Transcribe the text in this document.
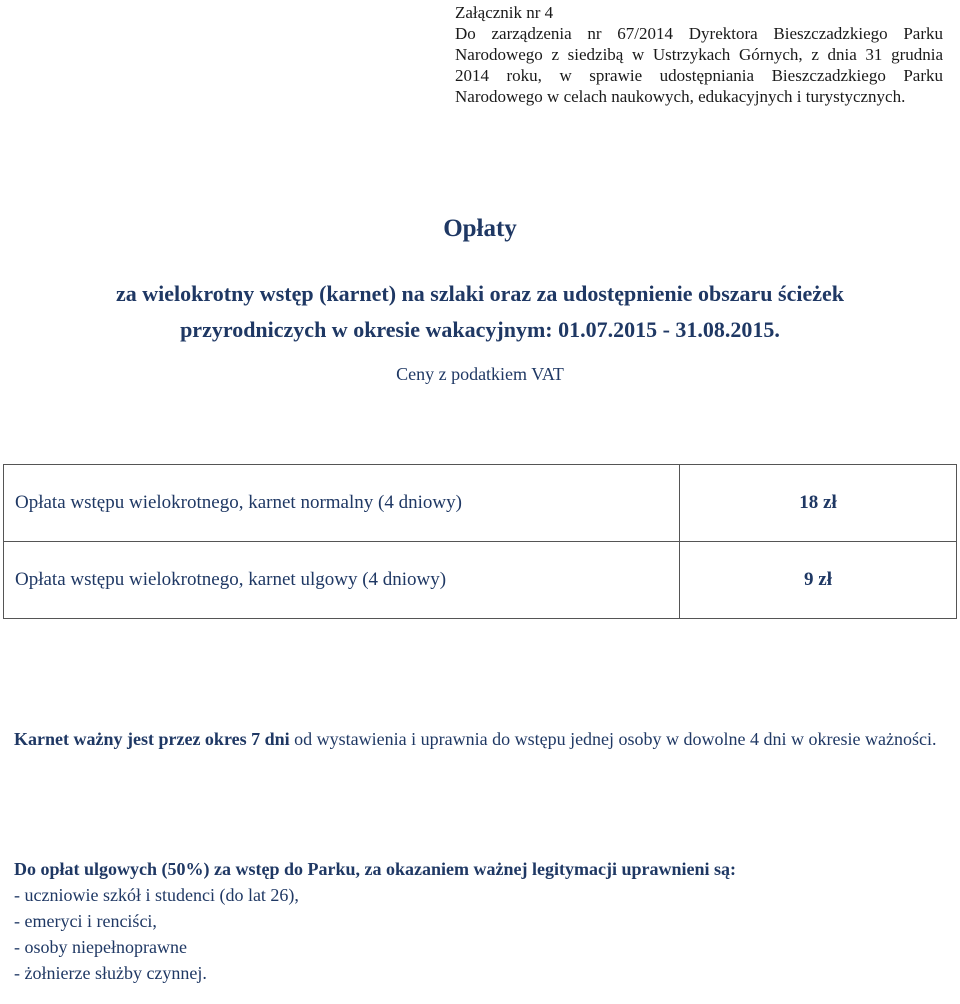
Załącznik nr 4
Do zarządzenia nr 67/2014 Dyrektora Bieszczadzkiego Parku
Narodowego z siedzibą w Ustrzykach Górnych, z dnia 31 grudnia
2014 roku, w sprawie udostępniania Bieszczadzkiego Parku
Narodowego w celach naukowych, edukacyjnych i turystycznych.
Opłaty
za wielokrotny wstęp (karnet) na szlaki oraz za udostępnienie obszaru ścieżek
przyrodniczych w okresie wakacyjnym: 01.07.2015 - 31.08.2015.
Ceny z podatkiem VAT
Opłata wstępu wielokrotnego, karnet normalny (4 dniowy)	18 zł
Opłata wstępu wielokrotnego, karnet ulgowy (4 dniowy)	9 zł
Karnet ważny jest przez okres 7 dni od wystawienia i uprawnia do wstępu jednej osoby w dowolne 4 dni w okresie ważności.
Do opłat ulgowych (50%) za wstęp do Parku, za okazaniem ważnej legitymacji uprawnieni są:
- uczniowie szkół i studenci (do lat 26),
- emeryci i renciści,
- osoby niepełnoprawne
- żołnierze służby czynnej.
